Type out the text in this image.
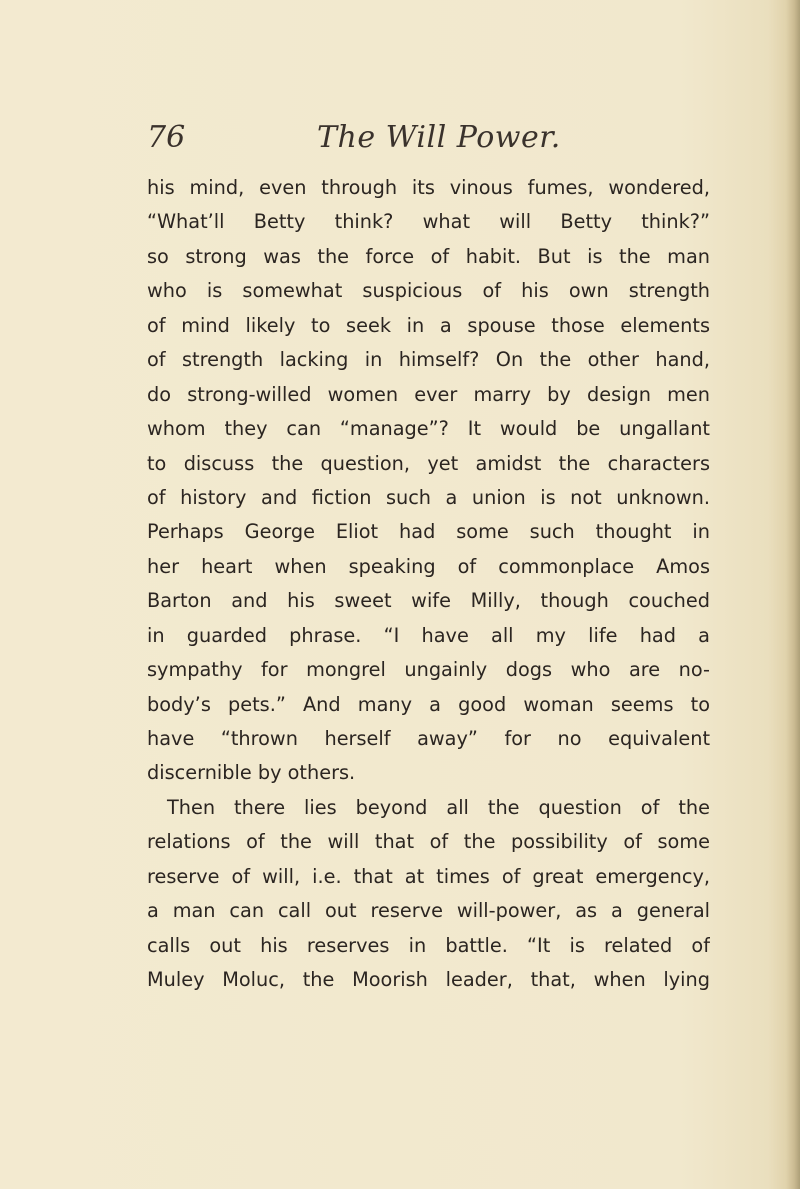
76	The Will Power.
his mind, even through its vinous fumes, wondered,
“What’ll Betty think? what will Betty think?”
so strong was the force of habit. But is the man
who is somewhat suspicious of his own strength
of mind likely to seek in a spouse those elements
of strength lacking in himself? On the other hand,
do strong-willed women ever marry by design men
whom they can “manage”? It would be ungallant
to discuss the question, yet amidst the characters
of history and fiction such a union is not unknown.
Perhaps George Eliot had some such thought in
her heart when speaking of commonplace Amos
Barton and his sweet wife Milly, though couched
in guarded phrase. “I have all my life had a
sympathy for mongrel ungainly dogs who are no-
body’s pets.” And many a good woman seems to
have “thrown herself away” for no equivalent
discernible by others.
Then there lies beyond all the question of the
relations of the will that of the possibility of some
reserve of will, i.e. that at times of great emergency,
a man can call out reserve will-power, as a general
calls out his reserves in battle. “It is related of
Muley Moluc, the Moorish leader, that, when lying
